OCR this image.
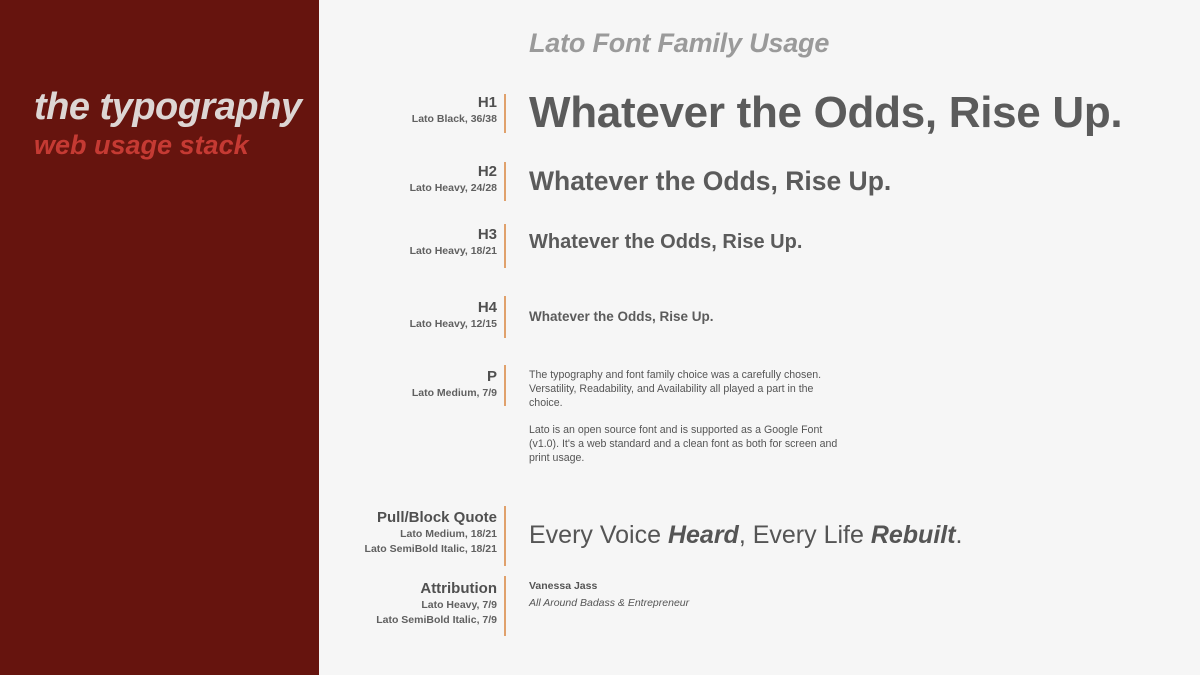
the typography
web usage stack
Lato Font Family Usage
H1
Lato Black, 36/38 Whatever the Odds, Rise Up.
H2
Lato Heavy, 24/28 Whatever the Odds, Rise Up.
H3
Lato Heavy, 18/21 Whatever the Odds, Rise Up.
H4
Lato Heavy, 12/15 Whatever the Odds, Rise Up.
P
Lato Medium, 7/9
The typography and font family choice was a carefully chosen. Versatility, Readability, and Availability all played a part in the choice.
Lato is an open source font and is supported as a Google Font (v1.0). It's a web standard and a clean font as both for screen and print usage.
Pull/Block Quote
Lato Medium, 18/21
Lato SemiBold Italic, 18/21 Every Voice Heard, Every Life Rebuilt.
Attribution
Lato Heavy, 7/9
Lato SemiBold Italic, 7/9
Vanessa Jass
All Around Badass & Entrepreneur
